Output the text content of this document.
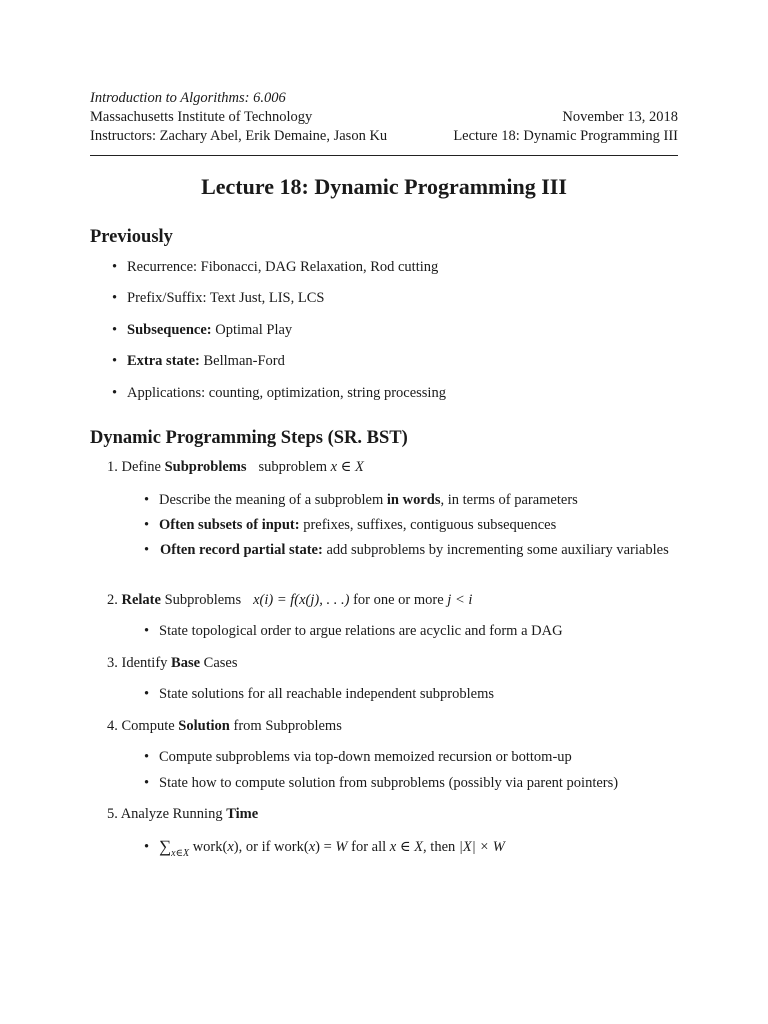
Introduction to Algorithms: 6.006
Massachusetts Institute of Technology
Instructors: Zachary Abel, Erik Demaine, Jason Ku
November 13, 2018
Lecture 18: Dynamic Programming III
Lecture 18: Dynamic Programming III
Previously
• Recurrence: Fibonacci, DAG Relaxation, Rod cutting
• Prefix/Suffix: Text Just, LIS, LCS
• Subsequence: Optimal Play
• Extra state: Bellman-Ford
• Applications: counting, optimization, string processing
Dynamic Programming Steps (SR. BST)
1. Define Subproblems subproblem x ∈ X
• Describe the meaning of a subproblem in words, in terms of parameters
• Often subsets of input: prefixes, suffixes, contiguous subsequences
• Often record partial state: add subproblems by incrementing some auxiliary variables
2. Relate Subproblems x(i) = f(x(j), . . .) for one or more j < i
• State topological order to argue relations are acyclic and form a DAG
3. Identify Base Cases
• State solutions for all reachable independent subproblems
4. Compute Solution from Subproblems
• Compute subproblems via top-down memoized recursion or bottom-up
• State how to compute solution from subproblems (possibly via parent pointers)
5. Analyze Running Time
• $\sum_{x\in X}$ work(x), or if work(x) = W for all x ∈ X, then |X| × W
